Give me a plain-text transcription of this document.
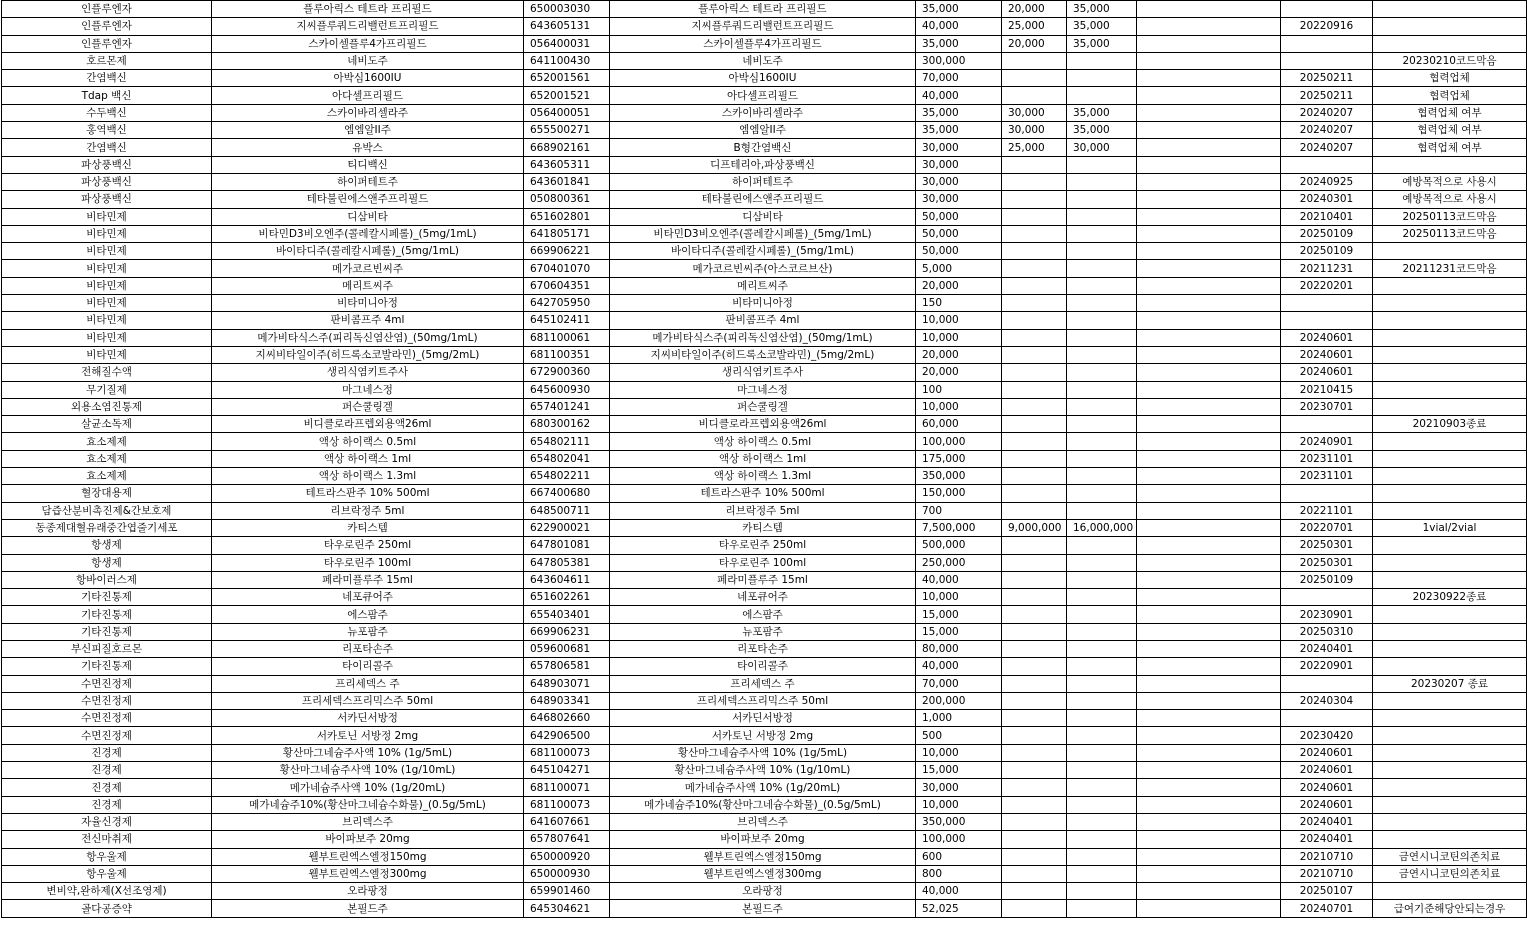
인플루엔자	플루아릭스 테트라 프리필드	650003030	플루아릭스 테트라 프리필드	35,000	20,000	35,000			
인플루엔자	지씨플루쿼드리밸런트프리필드	643605131	지씨플루쿼드리밸런트프리필드	40,000	25,000	35,000		20220916	
인플루엔자	스카이셀플루4가프리필드	056400031	스카이셀플루4가프리필드	35,000	20,000	35,000			
호르몬제	네비도주	641100430	네비도주	300,000					20230210코드막음
간염백신	아박심1600IU	652001561	아박심1600IU	70,000				20250211	협력업체
Tdap 백신	아다셀프리필드	652001521	아다셀프리필드	40,000				20250211	협력업체
수두백신	스카이바리셀라주	056400051	스카이바리셀라주	35,000	30,000	35,000		20240207	협력업체 여부
홍역백신	엠엠알II주	655500271	엠엠알II주	35,000	30,000	35,000		20240207	협력업체 여부
간염백신	유박스	668902161	B형간염백신	30,000	25,000	30,000		20240207	협력업체 여부
파상풍백신	티디백신	643605311	디프테리아,파상풍백신	30,000					
파상풍백신	하이퍼테트주	643601841	하이퍼테트주	30,000				20240925	예방목적으로 사용시
파상풍백신	테타불린에스앤주프리필드	050800361	테타불린에스앤주프리필드	30,000				20240301	예방목적으로 사용시
비타민제	디삼비타	651602801	디삼비타	50,000				20210401	20250113코드막음
비타민제	비타민D3비오엔주(콜레칼시페롤)_(5mg/1mL)	641805171	비타민D3비오엔주(콜레칼시페롤)_(5mg/1mL)	50,000				20250109	20250113코드막음
비타민제	바이타디주(콜레칼시페롤)_(5mg/1mL)	669906221	바이타디주(콜레칼시페롤)_(5mg/1mL)	50,000				20250109	
비타민제	메가코르빈씨주	670401070	메가코르빈씨주(아스코르브산)	5,000				20211231	20211231코드막음
비타민제	메리트씨주	670604351	메리트씨주	20,000				20220201	
비타민제	비타미니아정	642705950	비타미니아정	150					
비타민제	판비콤프주 4ml	645102411	판비콤프주 4ml	10,000					
비타민제	메가비타식스주(피리독신염산염)_(50mg/1mL)	681100061	메가비타식스주(피리독신염산염)_(50mg/1mL)	10,000				20240601	
비타민제	지씨비타일이주(히드록소코발라민)_(5mg/2mL)	681100351	지씨비타일이주(히드록소코발라민)_(5mg/2mL)	20,000				20240601	
전해질수액	생리식염키트주사	672900360	생리식염키트주사	20,000				20240601	
무기질제	마그네스정	645600930	마그네스정	100				20210415	
외용소염진통제	퍼슨쿨링겔	657401241	퍼슨쿨링겔	10,000				20230701	
살균소독제	비디클로라프렙외용액26ml	680300162	비디클로라프렙외용액26ml	60,000					20210903종료
효소제제	액상 하이랙스 0.5ml	654802111	액상 하이랙스 0.5ml	100,000				20240901	
효소제제	액상 하이랙스 1ml	654802041	액상 하이랙스 1ml	175,000				20231101	
효소제제	액상 하이랙스 1.3ml	654802211	액상 하이랙스 1.3ml	350,000				20231101	
혈장대용제	테트라스판주 10% 500ml	667400680	테트라스판주 10% 500ml	150,000					
담즙산분비촉진제&간보호제	리브락정주 5ml	648500711	리브락정주 5ml	700				20221101	
동종제대혈유래중간엽줄기세포	카티스템	622900021	카티스템	7,500,000	9,000,000	16,000,000		20220701	1vial/2vial
항생제	타우로린주 250ml	647801081	타우로린주 250ml	500,000				20250301	
항생제	타우로린주 100ml	647805381	타우로린주 100ml	250,000				20250301	
항바이러스제	페라미플루주 15ml	643604611	페라미플루주 15ml	40,000				20250109	
기타진통제	네포큐어주	651602261	네포큐어주	10,000					20230922종료
기타진통제	에스팜주	655403401	에스팜주	15,000				20230901	
기타진통제	뉴포팜주	669906231	뉴포팜주	15,000				20250310	
부신피질호르몬	리포타손주	059600681	리포타손주	80,000				20240401	
기타진통제	타이리콜주	657806581	타이리콜주	40,000				20220901	
수면진정제	프리세덱스 주	648903071	프리세덱스 주	70,000					20230207 종료
수면진정제	프리세덱스프리믹스주 50ml	648903341	프리세덱스프리믹스주 50ml	200,000				20240304	
수면진정제	서카딘서방정	646802660	서카딘서방정	1,000					
수면진정제	서카토닌 서방정 2mg	642906500	서카토닌 서방정 2mg	500				20230420	
진경제	황산마그네슘주사액 10% (1g/5mL)	681100073	황산마그네슘주사액 10% (1g/5mL)	10,000				20240601	
진경제	황산마그네슘주사액 10% (1g/10mL)	645104271	황산마그네슘주사액 10% (1g/10mL)	15,000				20240601	
진경제	메가네슘주사액 10% (1g/20mL)	681100071	메가네슘주사액 10% (1g/20mL)	30,000				20240601	
진경제	메가네슘주10%(황산마그네슘수화물)_(0.5g/5mL)	681100073	메가네슘주10%(황산마그네슘수화물)_(0.5g/5mL)	10,000				20240601	
자율신경제	브리덱스주	641607661	브리덱스주	350,000				20240401	
전신마취제	바이파보주 20mg	657807641	바이파보주 20mg	100,000				20240401	
항우울제	웰부트린엑스엘정150mg	650000920	웰부트린엑스엘정150mg	600				20210710	금연시니코틴의존치료
항우울제	웰부트린엑스엘정300mg	650000930	웰부트린엑스엘정300mg	800				20210710	금연시니코틴의존치료
변비약,완하제(X선조영제)	오라팡정	659901460	오라팡정	40,000				20250107	
골다공증약	본필드주	645304621	본필드주	52,025				20240701	급여기준해당안되는경우
